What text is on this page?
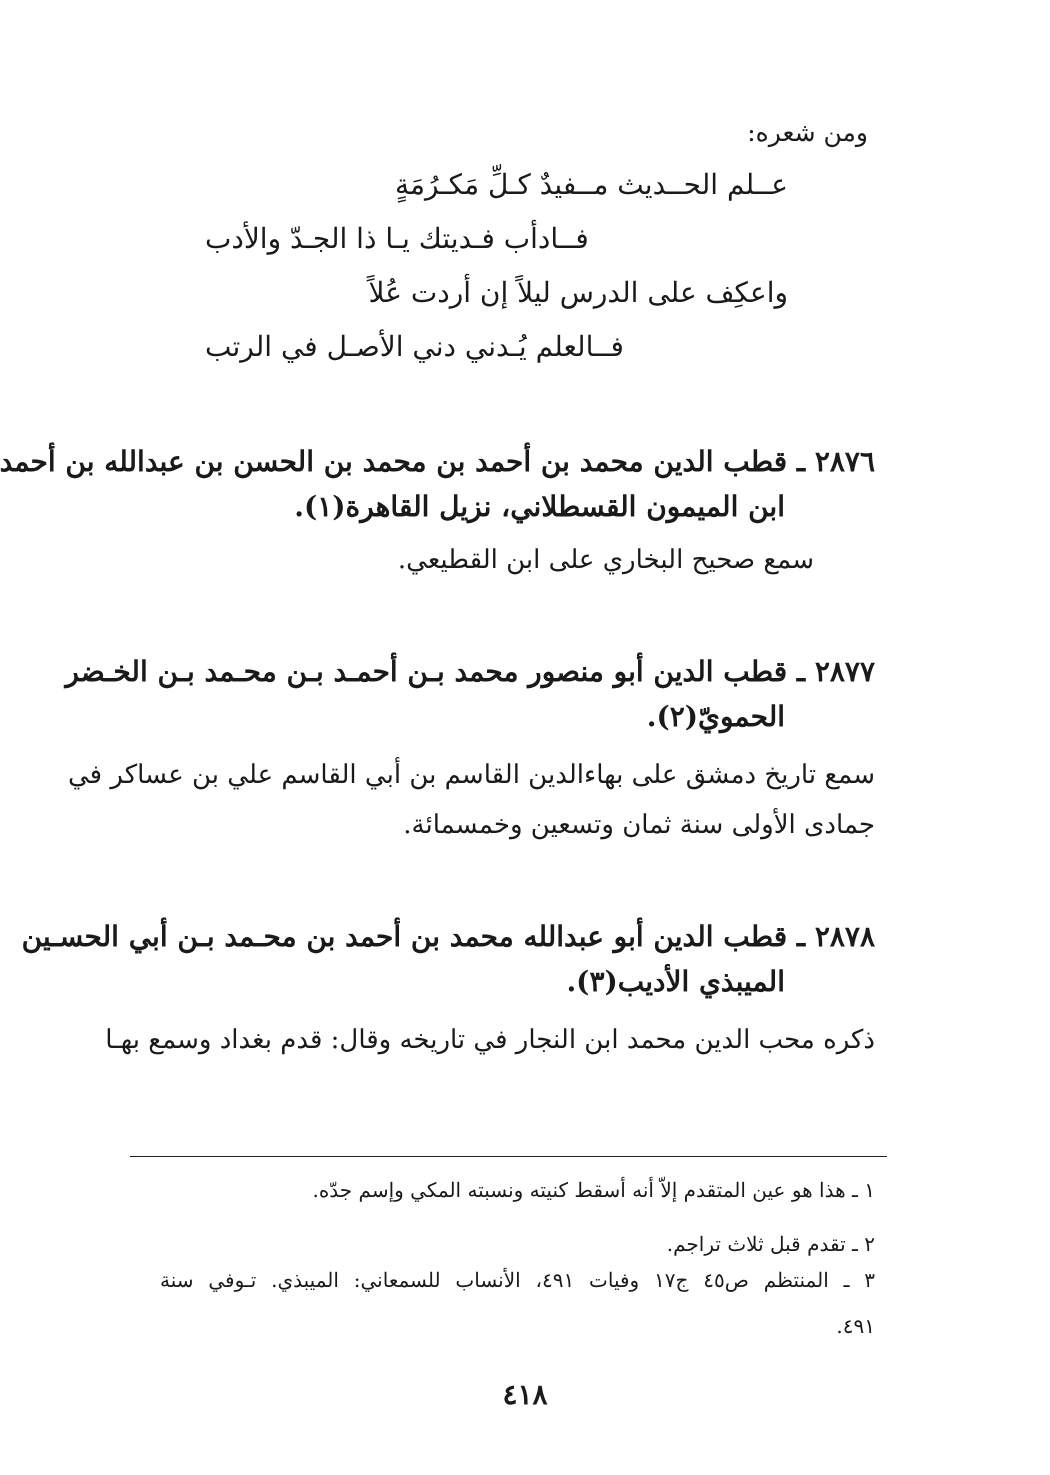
ومن شعره:
عــلم الحــديث مــفيدٌ كـلِّ مَكـرُمَةٍ
فــادأب فـديتك يـا ذا الجـدّ والأدب
واعكِف على الدرس ليلاً إن أردت عُلاً
فــالعلم يُـدني دني الأصـل في الرتب
٢٨٧٦ ـ قطب الدين محمد بن أحمد بن محمد بن الحسن بن عبدالله بن أحمد
ابن الميمون القسطلاني، نزيل القاهرة(١).
سمع صحيح البخاري على ابن القطيعي.
٢٨٧٧ ـ قطب الدين أبو منصور محمد بـن أحمـد بـن محـمد بـن الخـضر
الحمويّ(٢).
سمع تاريخ دمشق على بهاءالدين القاسم بن أبي القاسم علي بن عساكر في
جمادى الأولى سنة ثمان وتسعين وخمسمائة.
٢٨٧٨ ـ قطب الدين أبو عبدالله محمد بن أحمد بن محـمد بـن أبي الحسـين
الميبذي الأديب(٣).
ذكره محب الدين محمد ابن النجار في تاريخه وقال: قدم بغداد وسمع بهـا
١ ـ هذا هو عين المتقدم إلاّ أنه أسقط كنيته ونسبته المكي وإسم جدّه.
٢ ـ تقدم قبل ثلاث تراجم.
٣ ـ المنتظم ص٤٥ ج١٧ وفيات ٤٩١، الأنساب للسمعاني: الميبذي. تـوفي سنة
٤٩١.
٤١٨
